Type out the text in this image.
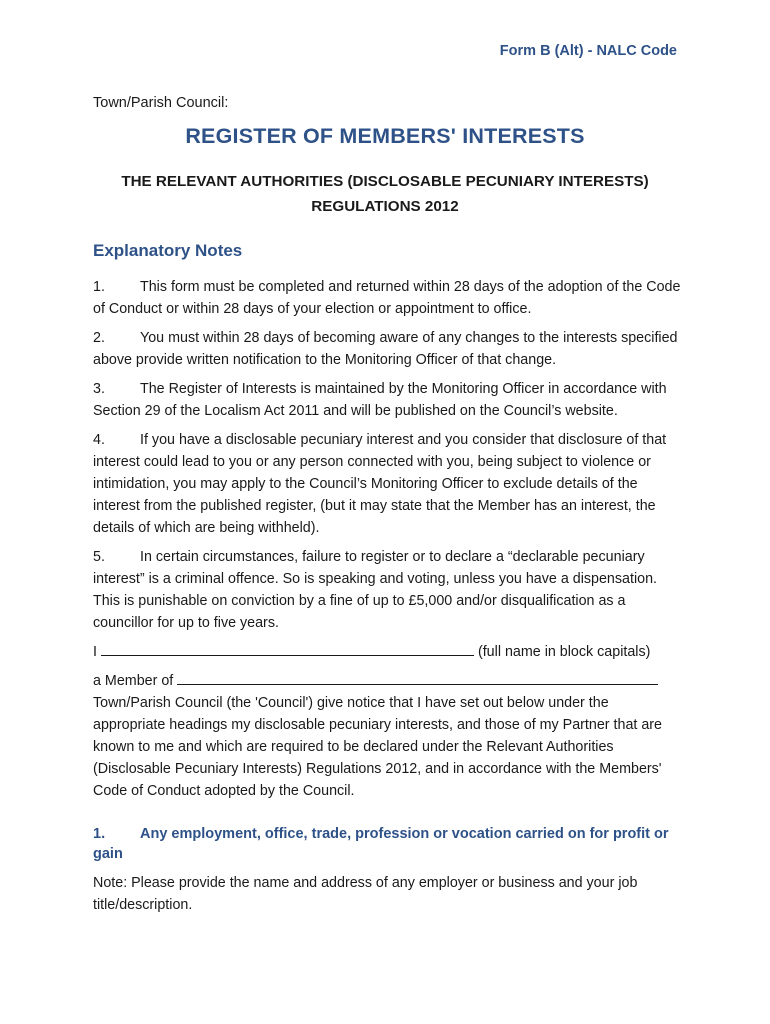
Form B (Alt) - NALC Code
Town/Parish Council:
REGISTER OF MEMBERS' INTERESTS
THE RELEVANT AUTHORITIES (DISCLOSABLE PECUNIARY INTERESTS) REGULATIONS 2012
Explanatory Notes

1. This form must be completed and returned within 28 days of the adoption of the Code of Conduct or within 28 days of your election or appointment to office.

2. You must within 28 days of becoming aware of any changes to the interests specified above provide written notification to the Monitoring Officer of that change.

3. The Register of Interests is maintained by the Monitoring Officer in accordance with Section 29 of the Localism Act 2011 and will be published on the Council’s website.

4. If you have a disclosable pecuniary interest and you consider that disclosure of that interest could lead to you or any person connected with you, being subject to violence or intimidation, you may apply to the Council’s Monitoring Officer to exclude details of the interest from the published register, (but it may state that the Member has an interest, the details of which are being withheld).

5. In certain circumstances, failure to register or to declare a “declarable pecuniary interest” is a criminal offence. So is speaking and voting, unless you have a dispensation. This is punishable on conviction by a fine of up to £5,000 and/or disqualification as a councillor for up to five years.

I	(full name in block capitals)

a Member of

Town/Parish Council (the 'Council') give notice that I have set out below under the appropriate headings my disclosable pecuniary interests, and those of my Partner that are known to me and which are required to be declared under the Relevant Authorities (Disclosable Pecuniary Interests) Regulations 2012, and in accordance with the Members' Code of Conduct adopted by the Council.

1. Any employment, office, trade, profession or vocation carried on for profit or gain

Note: Please provide the name and address of any employer or business and your job title/description.
